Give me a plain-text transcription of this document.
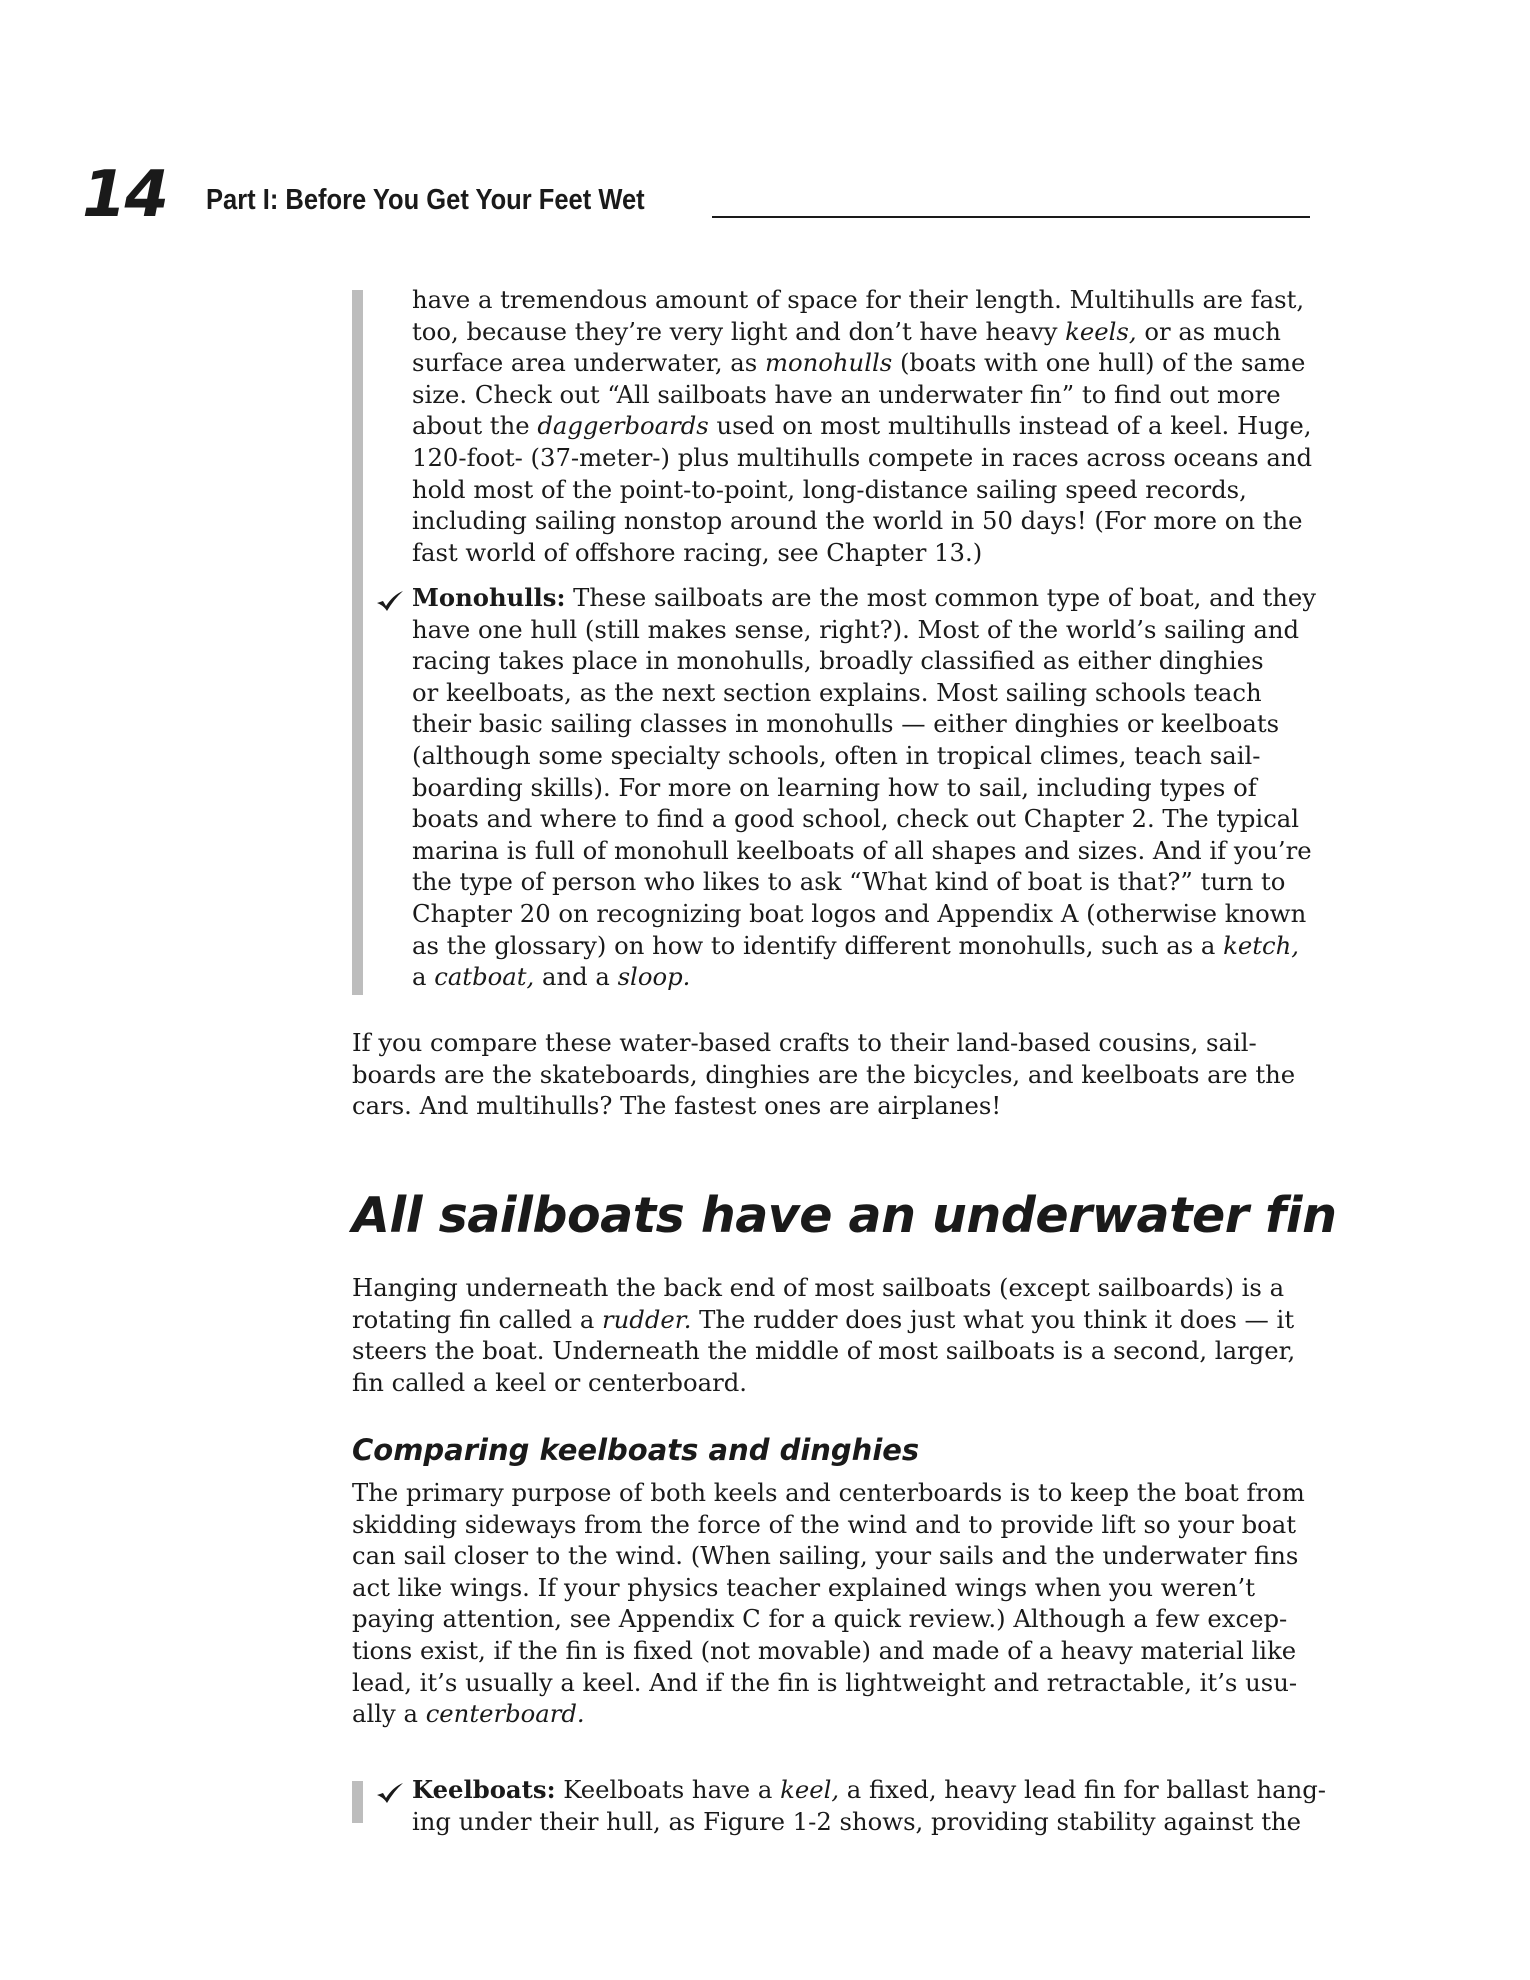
14 Part I: Before You Get Your Feet Wet
have a tremendous amount of space for their length. Multihulls are fast,
too, because they’re very light and don’t have heavy keels, or as much
surface area underwater, as monohulls (boats with one hull) of the same
size. Check out “All sailboats have an underwater fin” to find out more
about the daggerboards used on most multihulls instead of a keel. Huge,
120-foot- (37-meter-) plus multihulls compete in races across oceans and
hold most of the point-to-point, long-distance sailing speed records,
including sailing nonstop around the world in 50 days! (For more on the
fast world of offshore racing, see Chapter 13.)
Monohulls: These sailboats are the most common type of boat, and they
have one hull (still makes sense, right?). Most of the world’s sailing and
racing takes place in monohulls, broadly classified as either dinghies
or keelboats, as the next section explains. Most sailing schools teach
their basic sailing classes in monohulls — either dinghies or keelboats
(although some specialty schools, often in tropical climes, teach sail-
boarding skills). For more on learning how to sail, including types of
boats and where to find a good school, check out Chapter 2. The typical
marina is full of monohull keelboats of all shapes and sizes. And if you’re
the type of person who likes to ask “What kind of boat is that?” turn to
Chapter 20 on recognizing boat logos and Appendix A (otherwise known
as the glossary) on how to identify different monohulls, such as a ketch,
a catboat, and a sloop.
If you compare these water-based crafts to their land-based cousins, sail-
boards are the skateboards, dinghies are the bicycles, and keelboats are the
cars. And multihulls? The fastest ones are airplanes!
All sailboats have an underwater fin
Hanging underneath the back end of most sailboats (except sailboards) is a
rotating fin called a rudder. The rudder does just what you think it does — it
steers the boat. Underneath the middle of most sailboats is a second, larger,
fin called a keel or centerboard.
Comparing keelboats and dinghies
The primary purpose of both keels and centerboards is to keep the boat from
skidding sideways from the force of the wind and to provide lift so your boat
can sail closer to the wind. (When sailing, your sails and the underwater fins
act like wings. If your physics teacher explained wings when you weren’t
paying attention, see Appendix C for a quick review.) Although a few excep-
tions exist, if the fin is fixed (not movable) and made of a heavy material like
lead, it’s usually a keel. And if the fin is lightweight and retractable, it’s usu-
ally a centerboard.
Keelboats: Keelboats have a keel, a fixed, heavy lead fin for ballast hang-
ing under their hull, as Figure 1-2 shows, providing stability against the
